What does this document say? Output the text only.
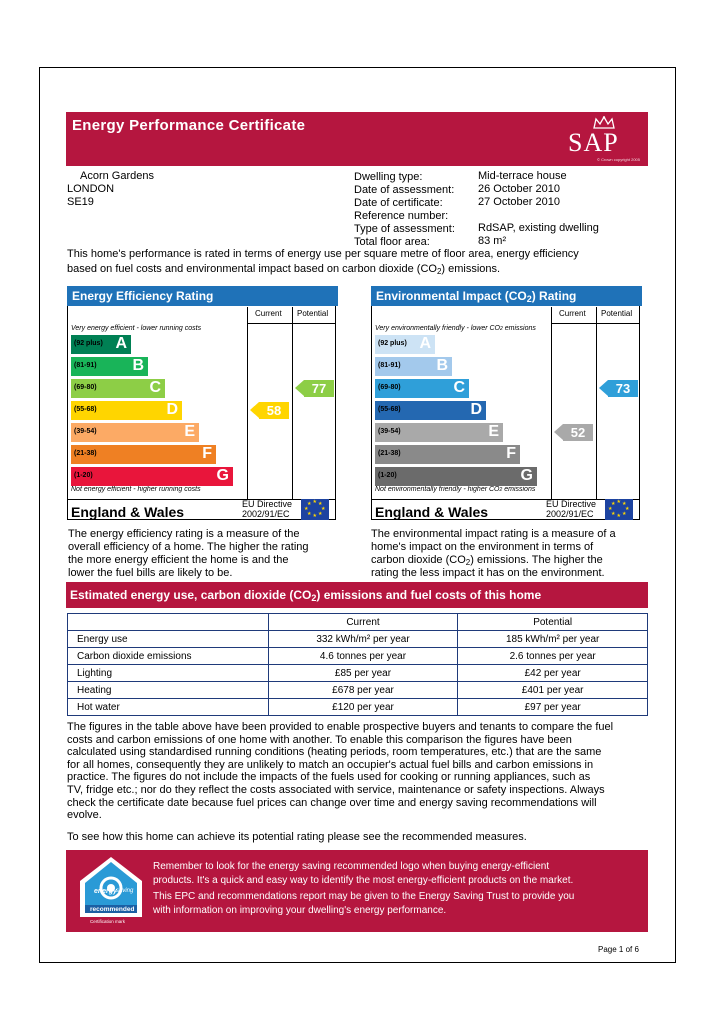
Energy Performance Certificate
SAP
© Crown copyright 2005
Acorn Gardens
LONDON
SE19
Dwelling type:	Mid-terrace house
Date of assessment: 26 October 2010
Date of certificate:	27 October 2010
Reference number:
Type of assessment: RdSAP, existing dwelling
Total floor area:	83 m²
This home's performance is rated in terms of energy use per square metre of floor area, energy efficiency
based on fuel costs and environmental impact based on carbon dioxide $(CO_2)$ emissions.
Energy Efficiency Rating
Current Potential
Very energy efficient - lower running costs
Not energy efficient - higher running costs
(92 plus) A
(81-91) B
(69-80)	C
(55-68)	D
(39-54)	E
(21-38)	F
(1-20)	G
58
77
England & Wales	EU Directive
2002/91/EC
★ ★
★
★
★
★
★
★
Environmental Impact $(CO_2)$ Rating
Current Potential
Very environmentally friendly - lower CO2 emissions
Not environmentally friendly - higher CO2 emissions
(92 plus) A
(81-91) B
(69-80)	C
(55-68)	D
(39-54)	E
(21-38)	F
(1-20)	G
52
73
England & Wales	EU Directive
2002/91/EC
★ ★
★
★
★
★
★
★
The energy efficiency rating is a measure of the
overall efficiency of a home. The higher the rating
the more energy efficient the home is and the
lower the fuel bills are likely to be.
The environmental impact rating is a measure of a
home's impact on the environment in terms of
carbon dioxide $(CO_2)$ emissions. The higher the
rating the less impact it has on the environment.
Estimated energy use, carbon dioxide $(CO_2)$ emissions and fuel costs of this home
	Current	Potential
Energy use	332 kWh/m² per year	185 kWh/m² per year
Carbon dioxide emissions	4.6 tonnes per year	2.6 tonnes per year
Lighting	£85 per year	£42 per year
Heating	£678 per year	£401 per year
Hot water	£120 per year	£97 per year
The figures in the table above have been provided to enable prospective buyers and tenants to compare the fuel
costs and carbon emissions of one home with another. To enable this comparison the figures have been
calculated using standardised running conditions (heating periods, room temperatures, etc.) that are the same
for all homes, consequently they are unlikely to match an occupier's actual fuel bills and carbon emissions in
practice. The figures do not include the impacts of the fuels used for cooking or running appliances, such as
TV, fridge etc.; nor do they reflect the costs associated with service, maintenance or safety inspections. Always
check the certificate date because fuel prices can change over time and energy saving recommendations will
evolve.
To see how this home can achieve its potential rating please see the recommended measures.
energy saving
recommended
Certification mark
Remember to look for the energy saving recommended logo when buying energy-efficient
products. It's a quick and easy way to identify the most energy-efficient products on the market.
This EPC and recommendations report may be given to the Energy Saving Trust to provide you
with information on improving your dwelling's energy performance.
Page 1 of 6
